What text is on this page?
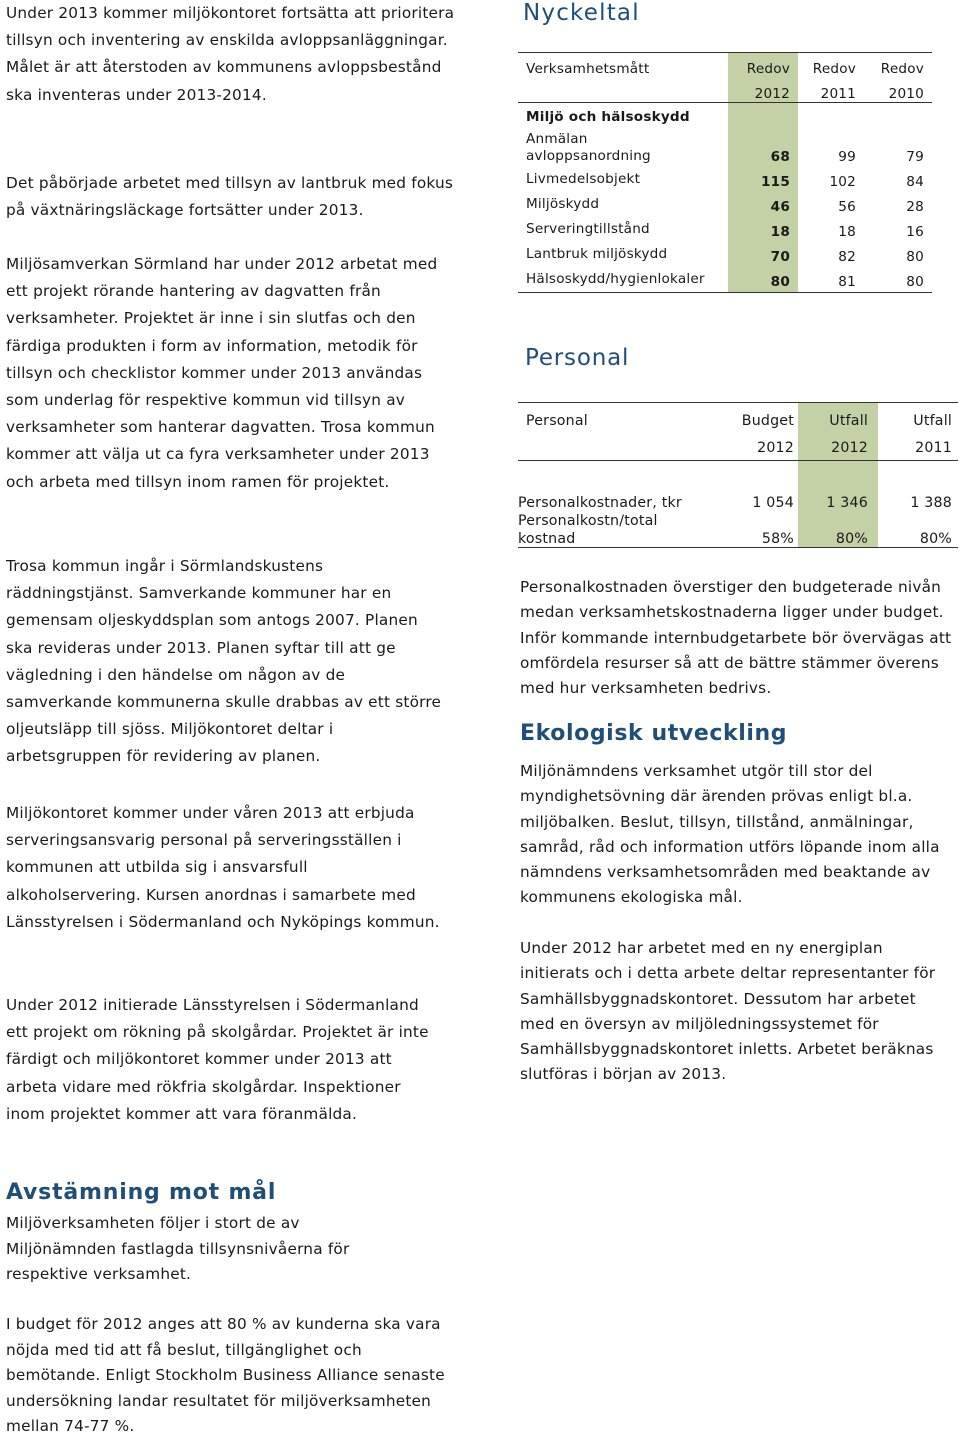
Under 2013 kommer miljökontoret fortsätta att prioritera tillsyn och inventering av enskilda avloppsanläggningar. Målet är att återstoden av kommunens avloppsbestånd ska inventeras under 2013-2014.

Det påbörjade arbetet med tillsyn av lantbruk med fokus på växtnäringsläckage fortsätter under 2013.

Miljösamverkan Sörmland har under 2012 arbetat med ett projekt rörande hantering av dagvatten från verksamheter. Projektet är inne i sin slutfas och den färdiga produkten i form av information, metodik för tillsyn och checklistor kommer under 2013 användas som underlag för respektive kommun vid tillsyn av verksamheter som hanterar dagvatten. Trosa kommun kommer att välja ut ca fyra verksamheter under 2013 och arbeta med tillsyn inom ramen för projektet.

Trosa kommun ingår i Sörmlandskustens räddningstjänst. Samverkande kommuner har en gemensam oljeskyddsplan som antogs 2007. Planen ska revideras under 2013. Planen syftar till att ge vägledning i den händelse om någon av de samverkande kommunerna skulle drabbas av ett större oljeutsläpp till sjöss. Miljökontoret deltar i arbetsgruppen för revidering av planen.

Miljökontoret kommer under våren 2013 att erbjuda serveringsansvarig personal på serveringsställen i kommunen att utbilda sig i ansvarsfull alkoholservering. Kursen anordnas i samarbete med Länsstyrelsen i Södermanland och Nyköpings kommun.

Under 2012 initierade Länsstyrelsen i Södermanland ett projekt om rökning på skolgårdar. Projektet är inte färdigt och miljökontoret kommer under 2013 att arbeta vidare med rökfria skolgårdar. Inspektioner inom projektet kommer att vara föranmälda.

Avstämning mot mål

Miljöverksamheten följer i stort de av Miljönämnden fastlagda tillsynsnivåerna för respektive verksamhet.

I budget för 2012 anges att 80 % av kunderna ska vara nöjda med tid att få beslut, tillgänglighet och bemötande. Enligt Stockholm Business Alliance senaste undersökning landar resultatet för miljöverksamheten mellan 74-77 %.

Nyckeltal
Verksamhetsmått	Redov	Redov	Redov
2012	2011	2010
Miljö och hälsoskydd
Anmälan
avloppsanordning	68	99	79
Livmedelsobjekt	115	102	84
Miljöskydd	46	56	28
Serveringtillstånd	18	18	16
Lantbruk miljöskydd	70	82	80
Hälsoskydd/hygienlokaler	80	81	80
Personal
Personal	Budget	Utfall	Utfall
2012	2012	2011
Personalkostnader, tkr	1 054	1 346	1 388
Personalkostn/total
kostnad	58%	80%	80%

Personalkostnaden överstiger den budgeterade nivån medan verksamhetskostnaderna ligger under budget. Inför kommande internbudgetarbete bör övervägas att omfördela resurser så att de bättre stämmer överens med hur verksamheten bedrivs.

Ekologisk utveckling

Miljönämndens verksamhet utgör till stor del myndighetsövning där ärenden prövas enligt bl.a. miljöbalken. Beslut, tillsyn, tillstånd, anmälningar, samråd, råd och information utförs löpande inom alla nämndens verksamhetsområden med beaktande av kommunens ekologiska mål.

Under 2012 har arbetet med en ny energiplan initierats och i detta arbete deltar representanter för Samhällsbyggnadskontoret. Dessutom har arbetet med en översyn av miljöledningssystemet för Samhällsbyggnadskontoret inletts. Arbetet beräknas slutföras i början av 2013.
